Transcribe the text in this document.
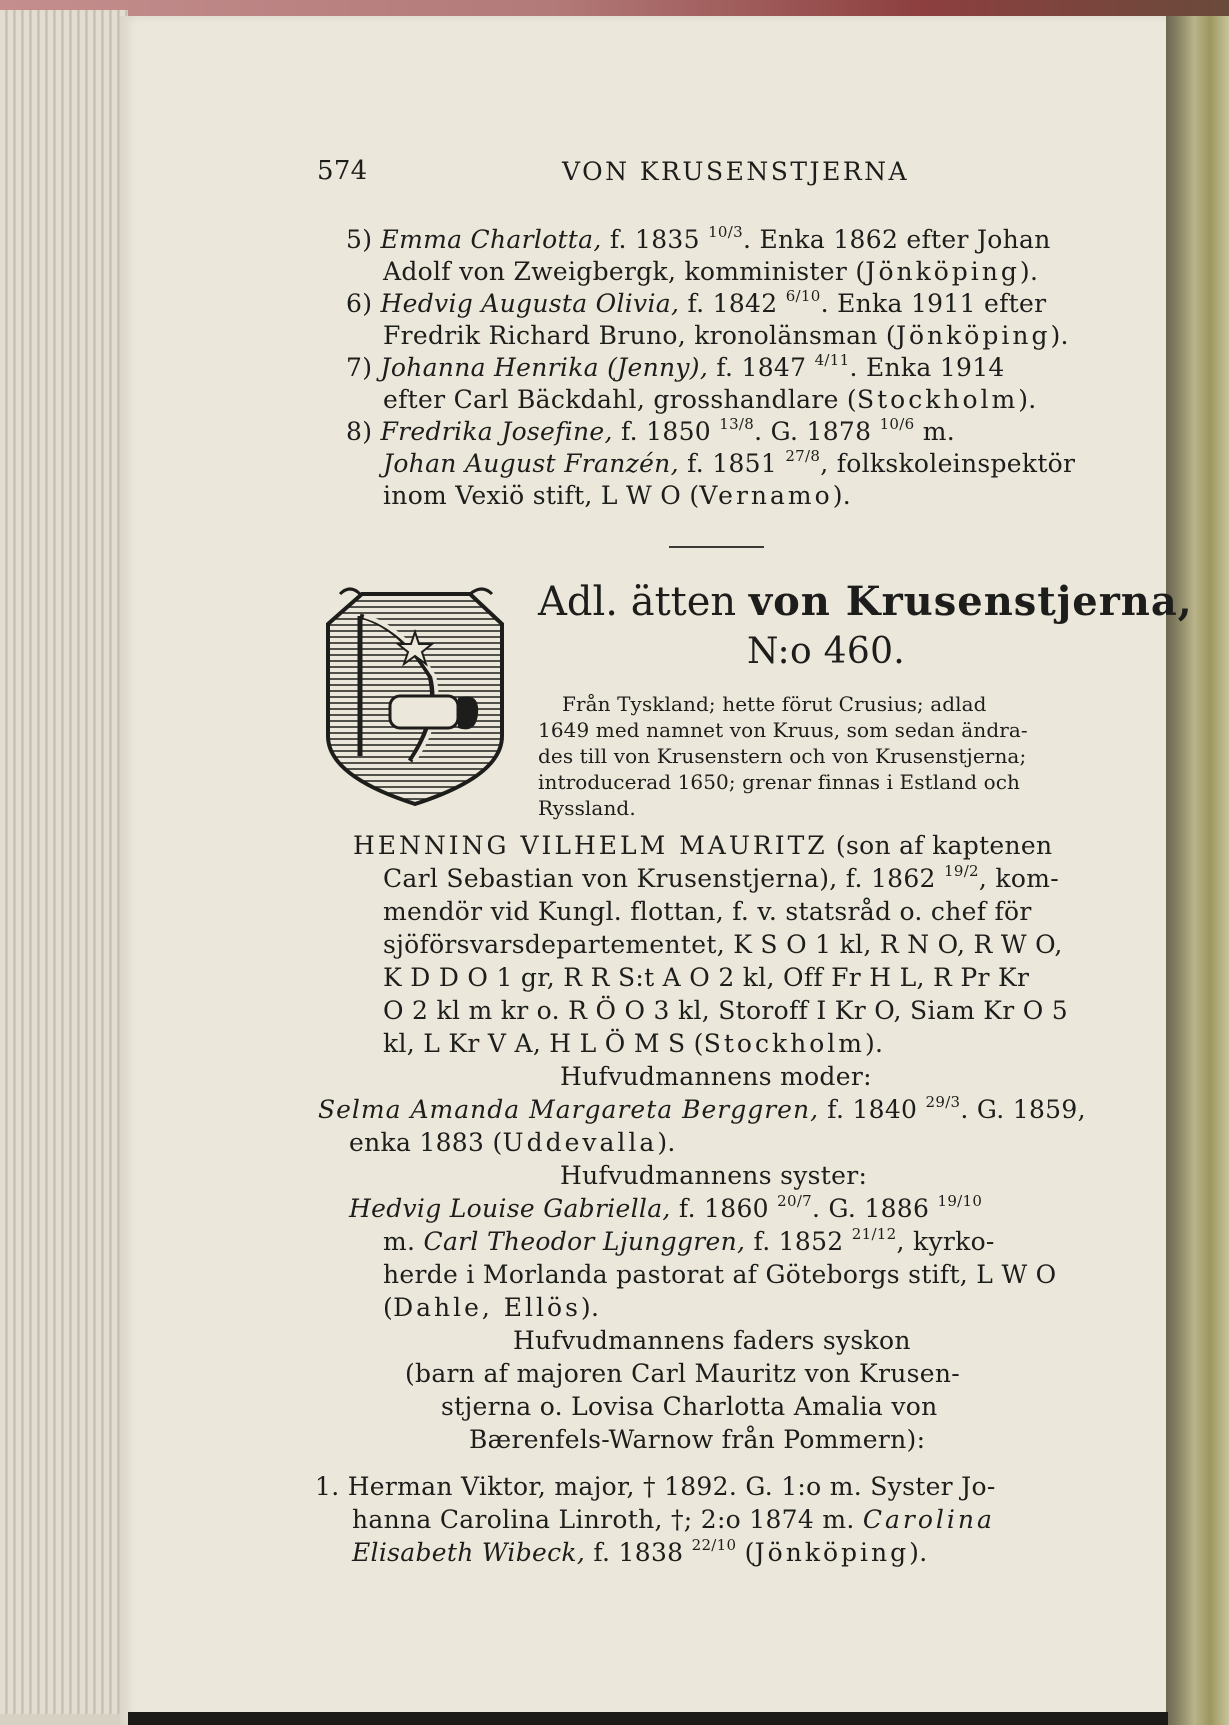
574	VON KRUSENSTJERNA
5) Emma Charlotta, f. 1835 $^{10/3}$. Enka 1862 efter Johan
Adolf von Zweigbergk, komminister (Jönköping).
6) Hedvig Augusta Olivia, f. 1842 $^{6/10}$. Enka 1911 efter
Fredrik Richard Bruno, kronolänsman (Jönköping).
7) Johanna Henrika (Jenny), f. 1847 $^{4/11}$. Enka 1914
efter Carl Bäckdahl, grosshandlare (Stockholm).
8) Fredrika Josefine, f. 1850 $^{13/8}$. G. 1878 $^{10/6}$ m.
Johan August Franzén, f. 1851 $^{27/8}$, folkskoleinspektör
inom Vexiö stift, L W O (Vernamo).
Adl. ätten von Krusenstjerna,
N:o 460.
Från Tyskland; hette förut Crusius; adlad
1649 med namnet von Kruus, som sedan ändra-
des till von Krusenstern och von Krusenstjerna;
introducerad 1650; grenar finnas i Estland och
Ryssland.
HENNING VILHELM MAURITZ (son af kaptenen
Carl Sebastian von Krusenstjerna), f. 1862 $^{19/2}$, kom-
mendör vid Kungl. flottan, f. v. statsråd o. chef för
sjöförsvarsdepartementet, K S O 1 kl, R N O, R W O,
K D D O 1 gr, R R S:t A O 2 kl, Off Fr H L, R Pr Kr
O 2 kl m kr o. R Ö O 3 kl, Storoff I Kr O, Siam Kr O 5
kl, L Kr V A, H L Ö M S (Stockholm).
Hufvudmannens moder:
Selma Amanda Margareta Berggren, f. 1840 $^{29/3}$. G. 1859,
enka 1883 (Uddevalla).
Hufvudmannens syster:
Hedvig Louise Gabriella, f. 1860 $^{20/7}$. G. 1886 $^{19/10}$
m. Carl Theodor Ljunggren, f. 1852 $^{21/12}$, kyrko-
herde i Morlanda pastorat af Göteborgs stift, L W O
(Dahle, Ellös).
Hufvudmannens faders syskon
(barn af majoren Carl Mauritz von Krusen-
stjerna o. Lovisa Charlotta Amalia von
Bærenfels-Warnow från Pommern):
1. Herman Viktor, major, † 1892. G. 1:o m. Syster Jo-
hanna Carolina Linroth, †; 2:o 1874 m. Carolina
Elisabeth Wibeck, f. 1838 $^{22/10}$ (Jönköping).
